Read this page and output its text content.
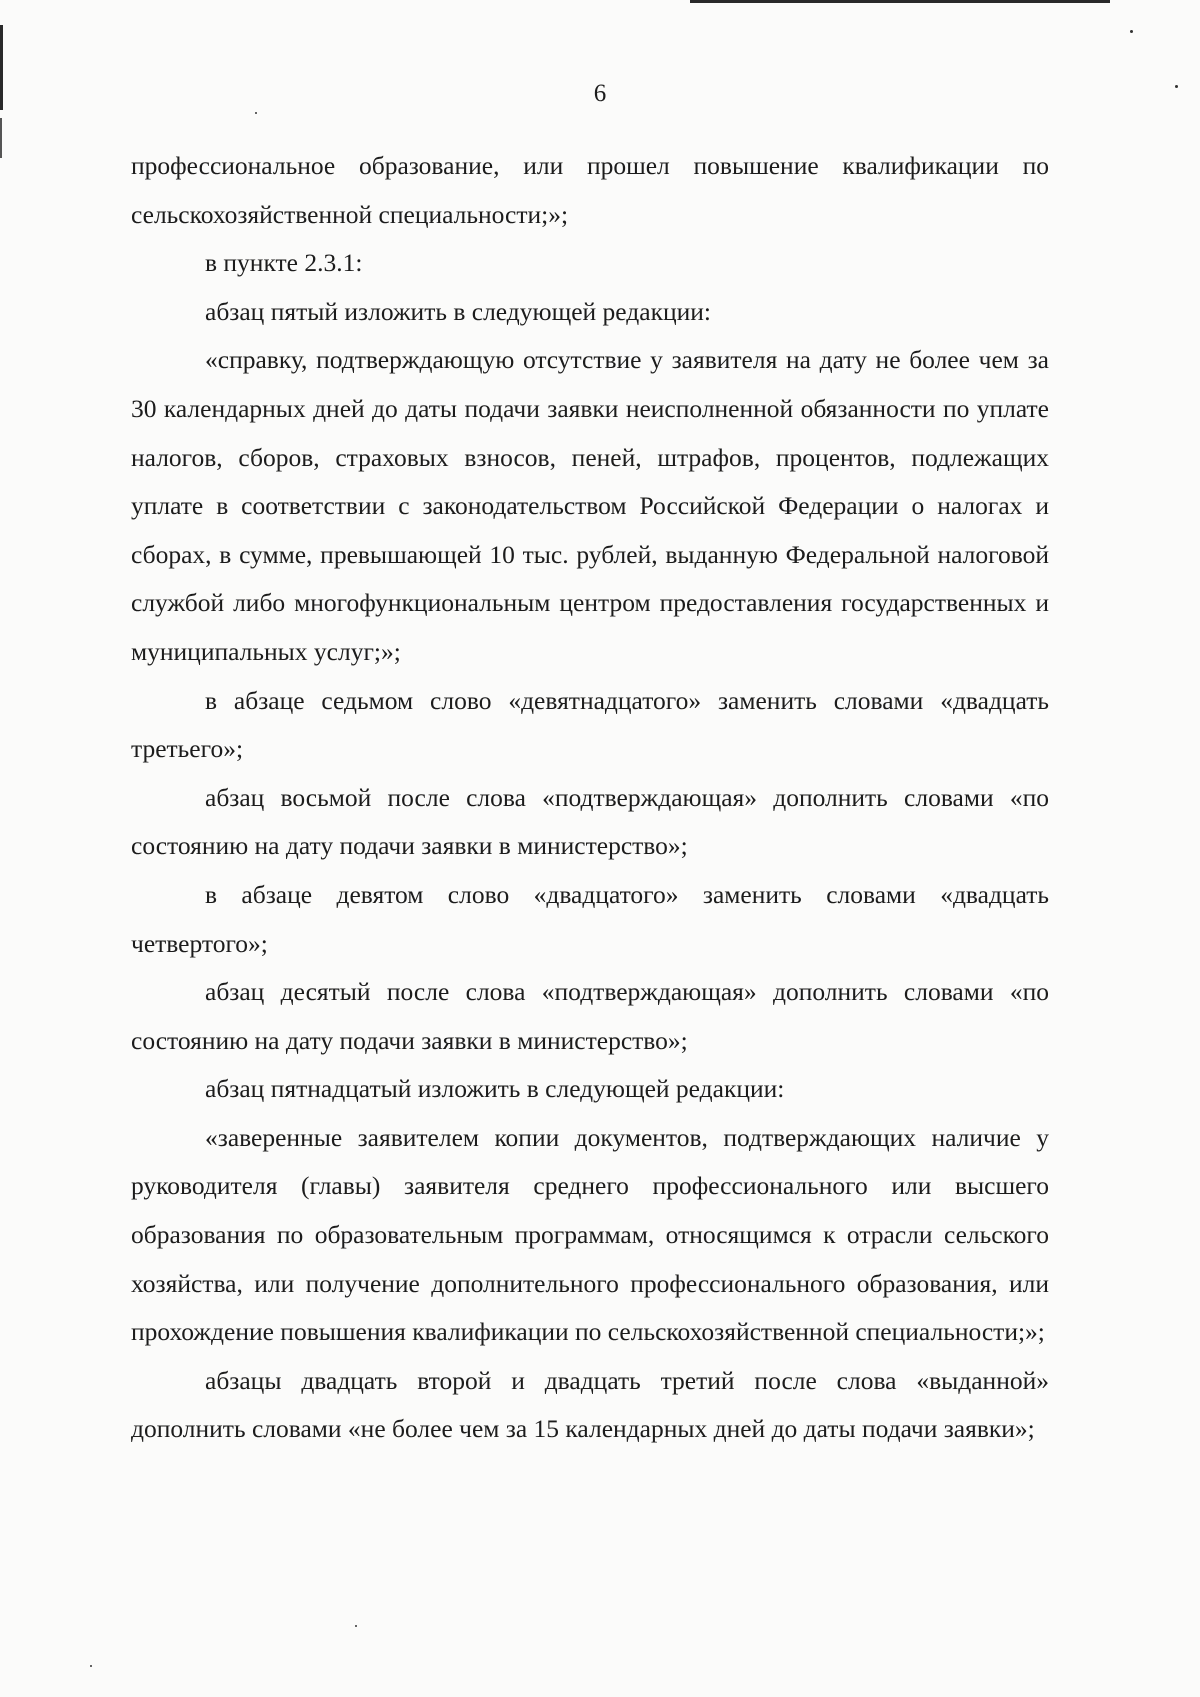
6

профессиональное образование, или прошел повышение квалификации по сельскохозяйственной специальности;»;

в пункте 2.3.1:

абзац пятый изложить в следующей редакции:

«справку, подтверждающую отсутствие у заявителя на дату не более чем за 30 календарных дней до даты подачи заявки неисполненной обязанности по уплате налогов, сборов, страховых взносов, пеней, штрафов, процентов, подлежащих уплате в соответствии с законодательством Российской Федерации о налогах и сборах, в сумме, превышающей 10 тыс. рублей, выданную Федеральной налоговой службой либо многофункциональным центром предоставления государственных и муниципальных услуг;»;

в абзаце седьмом слово «девятнадцатого» заменить словами «двадцать третьего»;

абзац восьмой после слова «подтверждающая» дополнить словами «по состоянию на дату подачи заявки в министерство»;

в абзаце девятом слово «двадцатого» заменить словами «двадцать четвертого»;

абзац десятый после слова «подтверждающая» дополнить словами «по состоянию на дату подачи заявки в министерство»;

абзац пятнадцатый изложить в следующей редакции:

«заверенные заявителем копии документов, подтверждающих наличие у руководителя (главы) заявителя среднего профессионального или высшего образования по образовательным программам, относящимся к отрасли сельского хозяйства, или получение дополнительного профессионального образования, или прохождение повышения квалификации по сельскохозяйственной специальности;»;

абзацы двадцать второй и двадцать третий после слова «выданной» дополнить словами «не более чем за 15 календарных дней до даты подачи заявки»;
